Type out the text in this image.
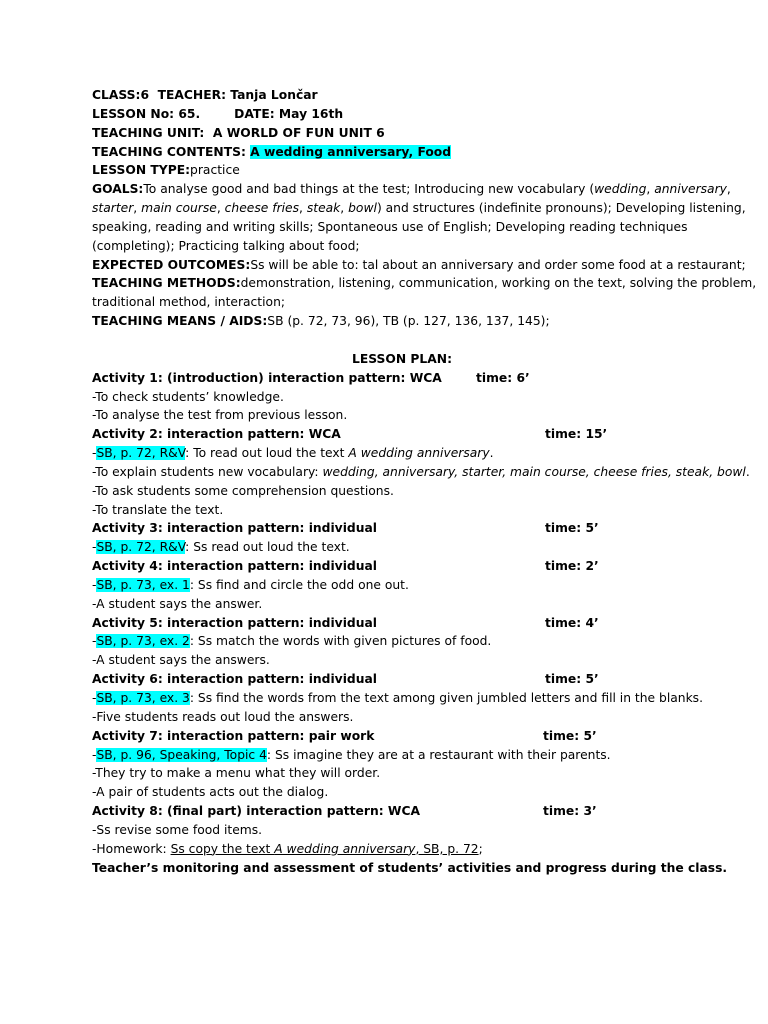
CLASS:6 TEACHER: Tanja Lončar
LESSON No: 65.	DATE: May 16th
TEACHING UNIT: A WORLD OF FUN UNIT 6
TEACHING CONTENTS: A wedding anniversary, Food
LESSON TYPE:practice
GOALS:To analyse good and bad things at the test; Introducing new vocabulary (wedding, anniversary,
starter, main course, cheese fries, steak, bowl) and structures (indefinite pronouns); Developing listening,
speaking, reading and writing skills; Spontaneous use of English; Developing reading techniques
(completing); Practicing talking about food;
EXPECTED OUTCOMES:Ss will be able to: tal about an anniversary and order some food at a restaurant;
TEACHING METHODS:demonstration, listening, communication, working on the text, solving the problem,
traditional method, interaction;
TEACHING MEANS / AIDS:SB (p. 72, 73, 96), TB (p. 127, 136, 137, 145);
LESSON PLAN:
Activity 1: (introduction) interaction pattern: WCA	time: 6’
-To check students’ knowledge.
-To analyse the test from previous lesson.
Activity 2: interaction pattern: WCA	time: 15’
-SB, p. 72, R&V: To read out loud the text A wedding anniversary.
-To explain students new vocabulary: wedding, anniversary, starter, main course, cheese fries, steak, bowl.
-To ask students some comprehension questions.
-To translate the text.
Activity 3: interaction pattern: individual	time: 5’
-SB, p. 72, R&V: Ss read out loud the text.
Activity 4: interaction pattern: individual	time: 2’
-SB, p. 73, ex. 1: Ss find and circle the odd one out.
-A student says the answer.
Activity 5: interaction pattern: individual	time: 4’
-SB, p. 73, ex. 2: Ss match the words with given pictures of food.
-A student says the answers.
Activity 6: interaction pattern: individual	time: 5’
-SB, p. 73, ex. 3: Ss find the words from the text among given jumbled letters and fill in the blanks.
-Five students reads out loud the answers.
Activity 7: interaction pattern: pair work	time: 5’
-SB, p. 96, Speaking, Topic 4: Ss imagine they are at a restaurant with their parents.
-They try to make a menu what they will order.
-A pair of students acts out the dialog.
Activity 8: (final part) interaction pattern: WCA	time: 3’
-Ss revise some food items.
-Homework: Ss copy the text A wedding anniversary, SB, p. 72;
Teacher’s monitoring and assessment of students’ activities and progress during the class.
